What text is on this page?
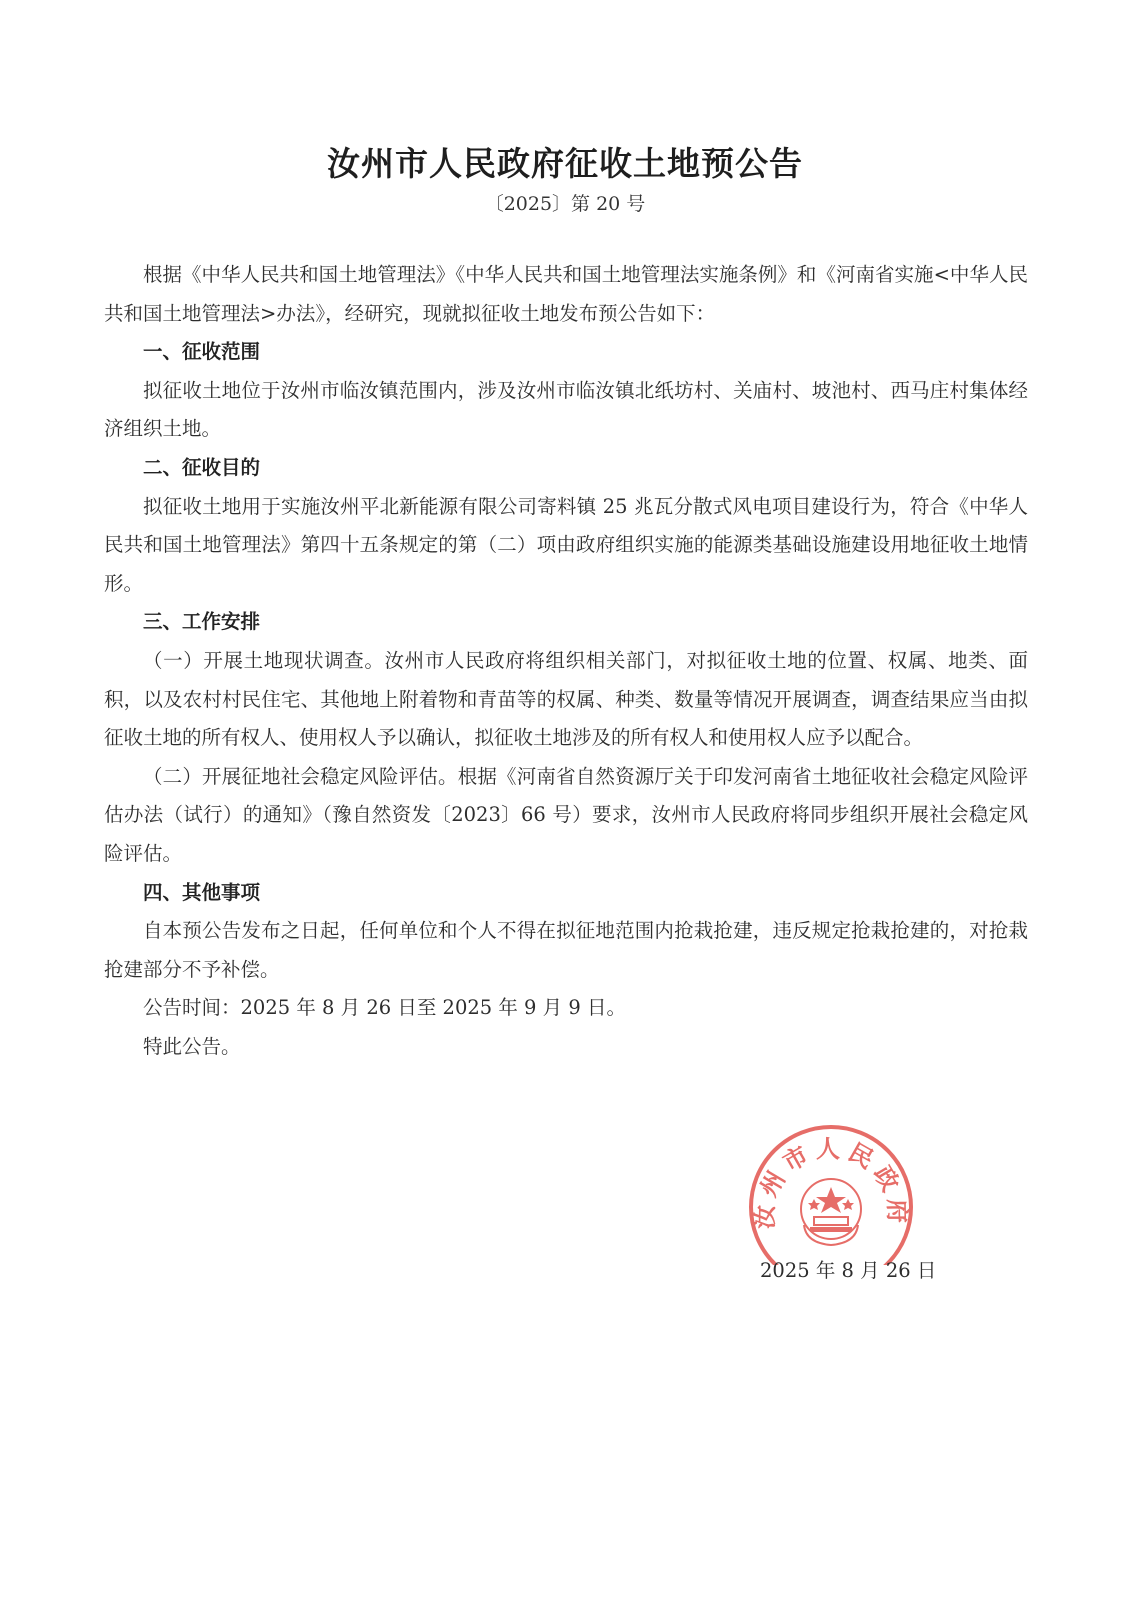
汝州市人民政府征收土地预公告
〔2025〕第 20 号

根据《中华人民共和国土地管理法》《中华人民共和国土地管理法实施条例》和《河南省实施<中华人民共和国土地管理法>办法》，经研究，现就拟征收土地发布预公告如下：

一、征收范围

拟征收土地位于汝州市临汝镇范围内，涉及汝州市临汝镇北纸坊村、关庙村、坡池村、西马庄村集体经济组织土地。

二、征收目的

拟征收土地用于实施汝州平北新能源有限公司寄料镇 25 兆瓦分散式风电项目建设行为，符合《中华人民共和国土地管理法》第四十五条规定的第（二）项由政府组织实施的能源类基础设施建设用地征收土地情形。

三、工作安排

（一）开展土地现状调查。汝州市人民政府将组织相关部门，对拟征收土地的位置、权属、地类、面积，以及农村村民住宅、其他地上附着物和青苗等的权属、种类、数量等情况开展调查，调查结果应当由拟征收土地的所有权人、使用权人予以确认，拟征收土地涉及的所有权人和使用权人应予以配合。

（二）开展征地社会稳定风险评估。根据《河南省自然资源厅关于印发河南省土地征收社会稳定风险评估办法（试行）的通知》（豫自然资发〔2023〕66 号）要求，汝州市人民政府将同步组织开展社会稳定风险评估。

四、其他事项

自本预公告发布之日起，任何单位和个人不得在拟征地范围内抢栽抢建，违反规定抢栽抢建的，对抢栽抢建部分不予补偿。

公告时间：2025 年 8 月 26 日至 2025 年 9 月 9 日。

特此公告。

汝州市人民政府
2025 年 8 月 26 日
